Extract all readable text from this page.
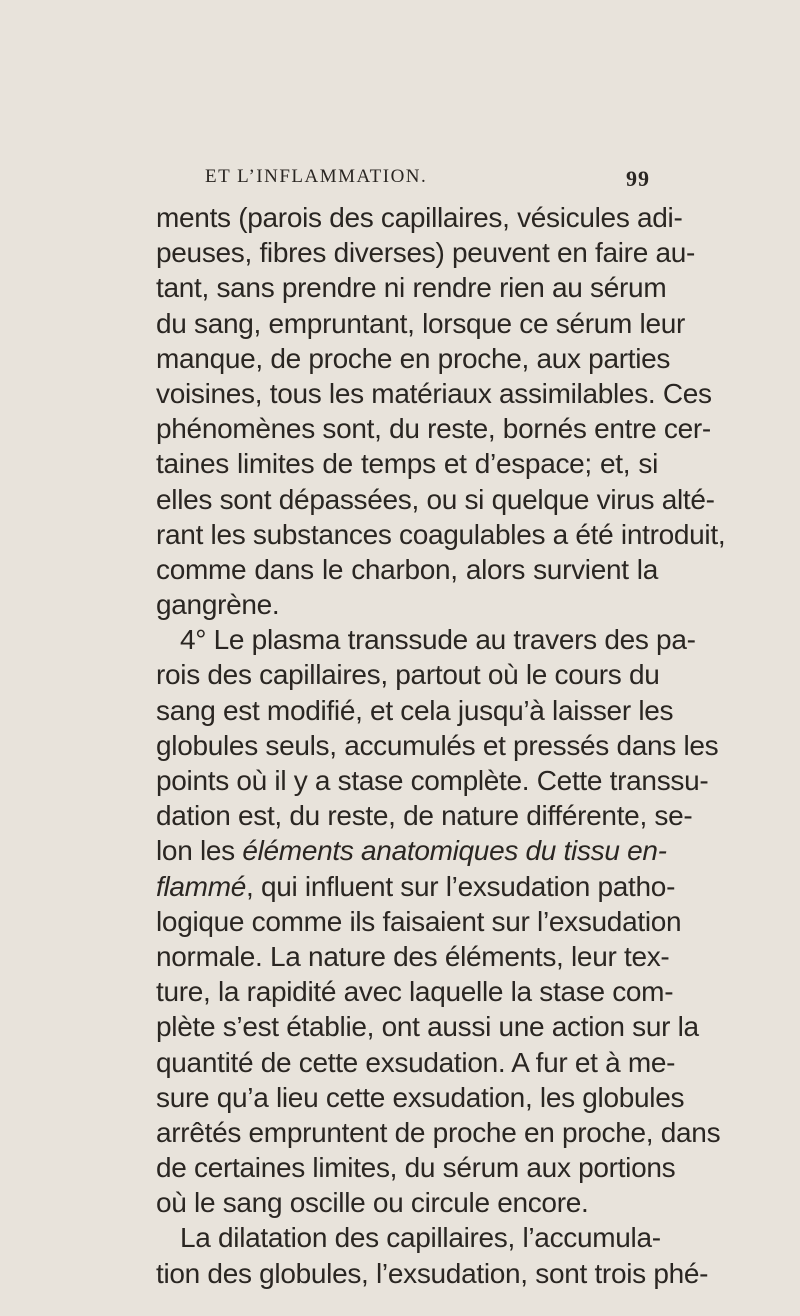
ET L’INFLAMMATION.	99
ments (parois des capillaires, vésicules adi-
peuses, fibres diverses) peuvent en faire au-
tant, sans prendre ni rendre rien au sérum
du sang, empruntant, lorsque ce sérum leur
manque, de proche en proche, aux parties
voisines, tous les matériaux assimilables. Ces
phénomènes sont, du reste, bornés entre cer-
taines limites de temps et d’espace; et, si
elles sont dépassées, ou si quelque virus alté-
rant les substances coagulables a été introduit,
comme dans le charbon, alors survient la
gangrène.
4° Le plasma transsude au travers des pa-
rois des capillaires, partout où le cours du
sang est modifié, et cela jusqu’à laisser les
globules seuls, accumulés et pressés dans les
points où il y a stase complète. Cette transsu-
dation est, du reste, de nature différente, se-
lon les éléments anatomiques du tissu en-
flammé, qui influent sur l’exsudation patho-
logique comme ils faisaient sur l’exsudation
normale. La nature des éléments, leur tex-
ture, la rapidité avec laquelle la stase com-
plète s’est établie, ont aussi une action sur la
quantité de cette exsudation. A fur et à me-
sure qu’a lieu cette exsudation, les globules
arrêtés empruntent de proche en proche, dans
de certaines limites, du sérum aux portions
où le sang oscille ou circule encore.
La dilatation des capillaires, l’accumula-
tion des globules, l’exsudation, sont trois phé-
